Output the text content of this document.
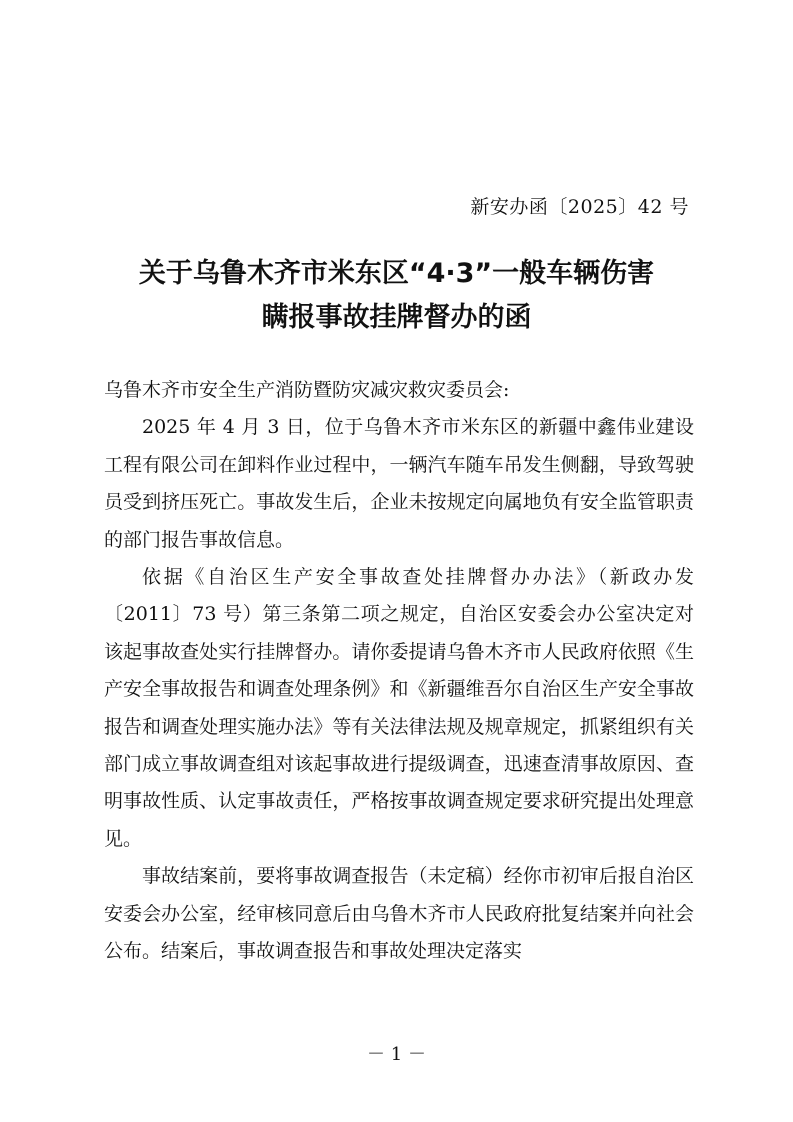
新安办函〔2025〕42 号
关于乌鲁木齐市米东区“4·3”一般车辆伤害
瞒报事故挂牌督办的函
乌鲁木齐市安全生产消防暨防灾减灾救灾委员会:

2025 年 4 月 3 日，位于乌鲁木齐市米东区的新疆中鑫伟业建设工程有限公司在卸料作业过程中，一辆汽车随车吊发生侧翻，导致驾驶员受到挤压死亡。事故发生后，企业未按规定向属地负有安全监管职责的部门报告事故信息。

依据《自治区生产安全事故查处挂牌督办办法》（新政办发〔2011〕73 号）第三条第二项之规定，自治区安委会办公室决定对该起事故查处实行挂牌督办。请你委提请乌鲁木齐市人民政府依照《生产安全事故报告和调查处理条例》和《新疆维吾尔自治区生产安全事故报告和调查处理实施办法》等有关法律法规及规章规定，抓紧组织有关部门成立事故调查组对该起事故进行提级调查，迅速查清事故原因、查明事故性质、认定事故责任，严格按事故调查规定要求研究提出处理意见。

事故结案前，要将事故调查报告（未定稿）经你市初审后报自治区安委会办公室，经审核同意后由乌鲁木齐市人民政府批复结案并向社会公布。结案后，事故调查报告和事故处理决定落实

－ 1 －
